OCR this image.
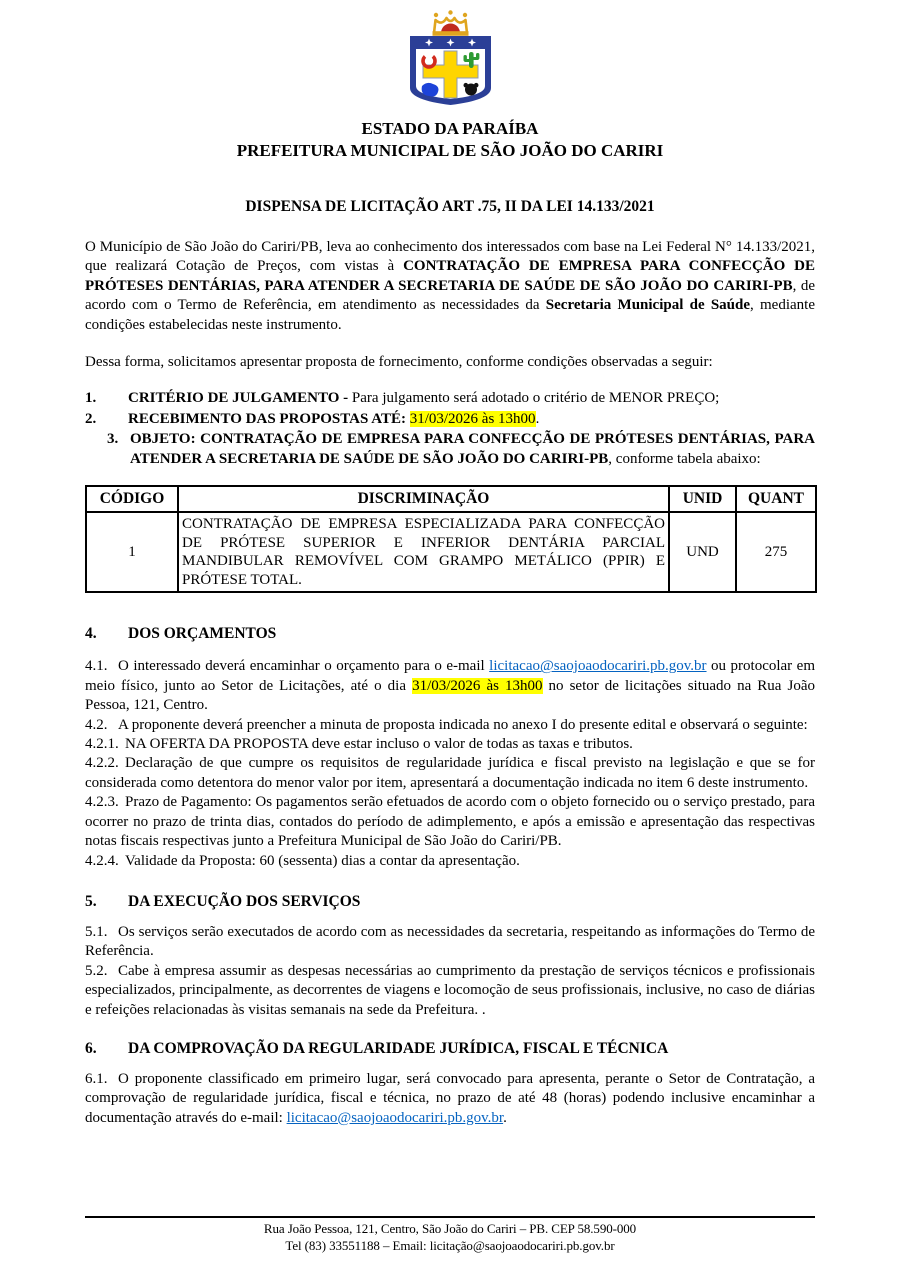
ESTADO DA PARAÍBA
PREFEITURA MUNICIPAL DE SÃO JOÃO DO CARIRI
DISPENSA DE LICITAÇÃO ART .75, II DA LEI 14.133/2021

O Município de São João do Cariri/PB, leva ao conhecimento dos interessados com base na Lei Federal N° 14.133/2021, que realizará Cotação de Preços, com vistas à CONTRATAÇÃO DE EMPRESA PARA CONFECÇÃO DE PRÓTESES DENTÁRIAS, PARA ATENDER A SECRETARIA DE SAÚDE DE SÃO JOÃO DO CARIRI-PB, de acordo com o Termo de Referência, em atendimento as necessidades da Secretaria Municipal de Saúde, mediante condições estabelecidas neste instrumento.

Dessa forma, solicitamos apresentar proposta de fornecimento, conforme condições observadas a seguir:

1. CRITÉRIO DE JULGAMENTO - Para julgamento será adotado o critério de MENOR PREÇO;

2. RECEBIMENTO DAS PROPOSTAS ATÉ: 31/03/2026 às 13h00.

3. OBJETO: CONTRATAÇÃO DE EMPRESA PARA CONFECÇÃO DE PRÓTESES DENTÁRIAS, PARA ATENDER A SECRETARIA DE SAÚDE DE SÃO JOÃO DO CARIRI-PB, conforme tabela abaixo:

CÓDIGO	DISCRIMINAÇÃO	UNID	QUANT
1	CONTRATAÇÃO DE EMPRESA ESPECIALIZADA PARA CONFECÇÃO DE PRÓTESE SUPERIOR E INFERIOR DENTÁRIA PARCIAL MANDIBULAR REMOVÍVEL COM GRAMPO METÁLICO (PPIR) E PRÓTESE TOTAL.	UND	275
4. DOS ORÇAMENTOS

4.1. O interessado deverá encaminhar o orçamento para o e-mail licitacao@saojoaodocariri.pb.gov.br ou protocolar em meio físico, junto ao Setor de Licitações, até o dia 31/03/2026 às 13h00 no setor de licitações situado na Rua João Pessoa, 121, Centro.

4.2. A proponente deverá preencher a minuta de proposta indicada no anexo I do presente edital e observará o seguinte:

4.2.1. NA OFERTA DA PROPOSTA deve estar incluso o valor de todas as taxas e tributos.

4.2.2. Declaração de que cumpre os requisitos de regularidade jurídica e fiscal previsto na legislação e que se for considerada como detentora do menor valor por item, apresentará a documentação indicada no item 6 deste instrumento.

4.2.3. Prazo de Pagamento: Os pagamentos serão efetuados de acordo com o objeto fornecido ou o serviço prestado, para ocorrer no prazo de trinta dias, contados do período de adimplemento, e após a emissão e apresentação das respectivas notas fiscais respectivas junto a Prefeitura Municipal de São João do Cariri/PB.

4.2.4. Validade da Proposta: 60 (sessenta) dias a contar da apresentação.

5. DA EXECUÇÃO DOS SERVIÇOS

5.1. Os serviços serão executados de acordo com as necessidades da secretaria, respeitando as informações do Termo de Referência.

5.2. Cabe à empresa assumir as despesas necessárias ao cumprimento da prestação de serviços técnicos e profissionais especializados, principalmente, as decorrentes de viagens e locomoção de seus profissionais, inclusive, no caso de diárias e refeições relacionadas às visitas semanais na sede da Prefeitura. .

6. DA COMPROVAÇÃO DA REGULARIDADE JURÍDICA, FISCAL E TÉCNICA

6.1. O proponente classificado em primeiro lugar, será convocado para apresenta, perante o Setor de Contratação, a comprovação de regularidade jurídica, fiscal e técnica, no prazo de até 48 (horas) podendo inclusive encaminhar a documentação através do e-mail: licitacao@saojoaodocariri.pb.gov.br.

Rua João Pessoa, 121, Centro, São João do Cariri – PB. CEP 58.590-000
Tel (83) 33551188 – Email: licitação@saojoaodocariri.pb.gov.br
